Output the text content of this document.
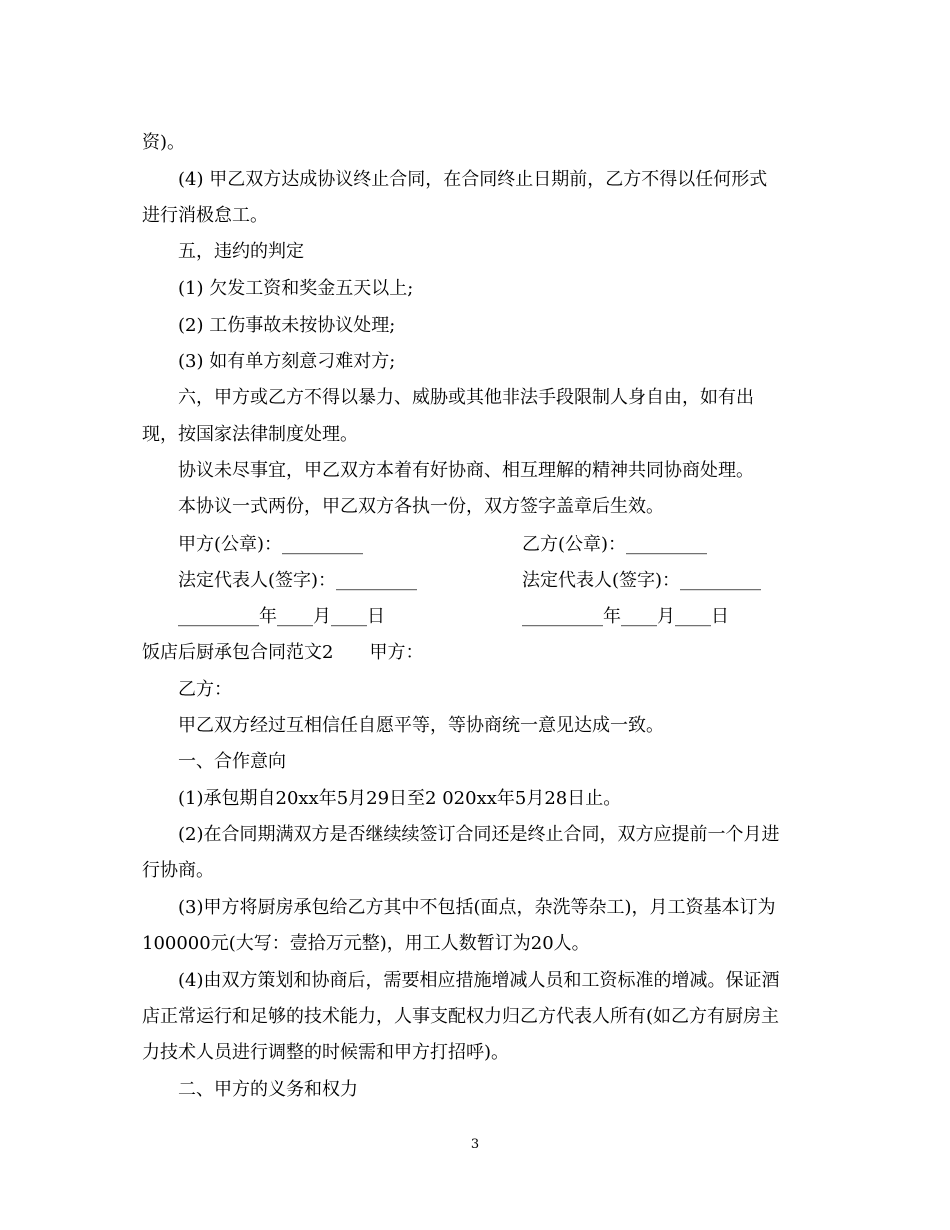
资)。
(4) 甲乙双方达成协议终止合同，在合同终止日期前，乙方不得以任何形式
进行消极怠工。
五，违约的判定
(1) 欠发工资和奖金五天以上;
(2) 工伤事故未按协议处理;
(3) 如有单方刻意刁难对方;
六，甲方或乙方不得以暴力、威胁或其他非法手段限制人身自由，如有出
现，按国家法律制度处理。
协议未尽事宜，甲乙双方本着有好协商、相互理解的精神共同协商处理。
本协议一式两份，甲乙双方各执一份，双方签字盖章后生效。
甲方(公章)：_________	乙方(公章)：_________
法定代表人(签字)：_________	法定代表人(签字)：_________
_________年____月____日	_________年____月____日
饭店后厨承包合同范文2　　甲方：
乙方：
甲乙双方经过互相信任自愿平等，等协商统一意见达成一致。
一、合作意向
(1)承包期自20xx年5月29日至2 020xx年5月28日止。
(2)在合同期满双方是否继续续签订合同还是终止合同，双方应提前一个月进
行协商。
(3)甲方将厨房承包给乙方其中不包括(面点，杂洗等杂工)，月工资基本订为
100000元(大写：壹拾万元整)，用工人数暂订为20人。
(4)由双方策划和协商后，需要相应措施增减人员和工资标准的增减。保证酒
店正常运行和足够的技术能力，人事支配权力归乙方代表人所有(如乙方有厨房主
力技术人员进行调整的时候需和甲方打招呼)。
二、甲方的义务和权力
3
